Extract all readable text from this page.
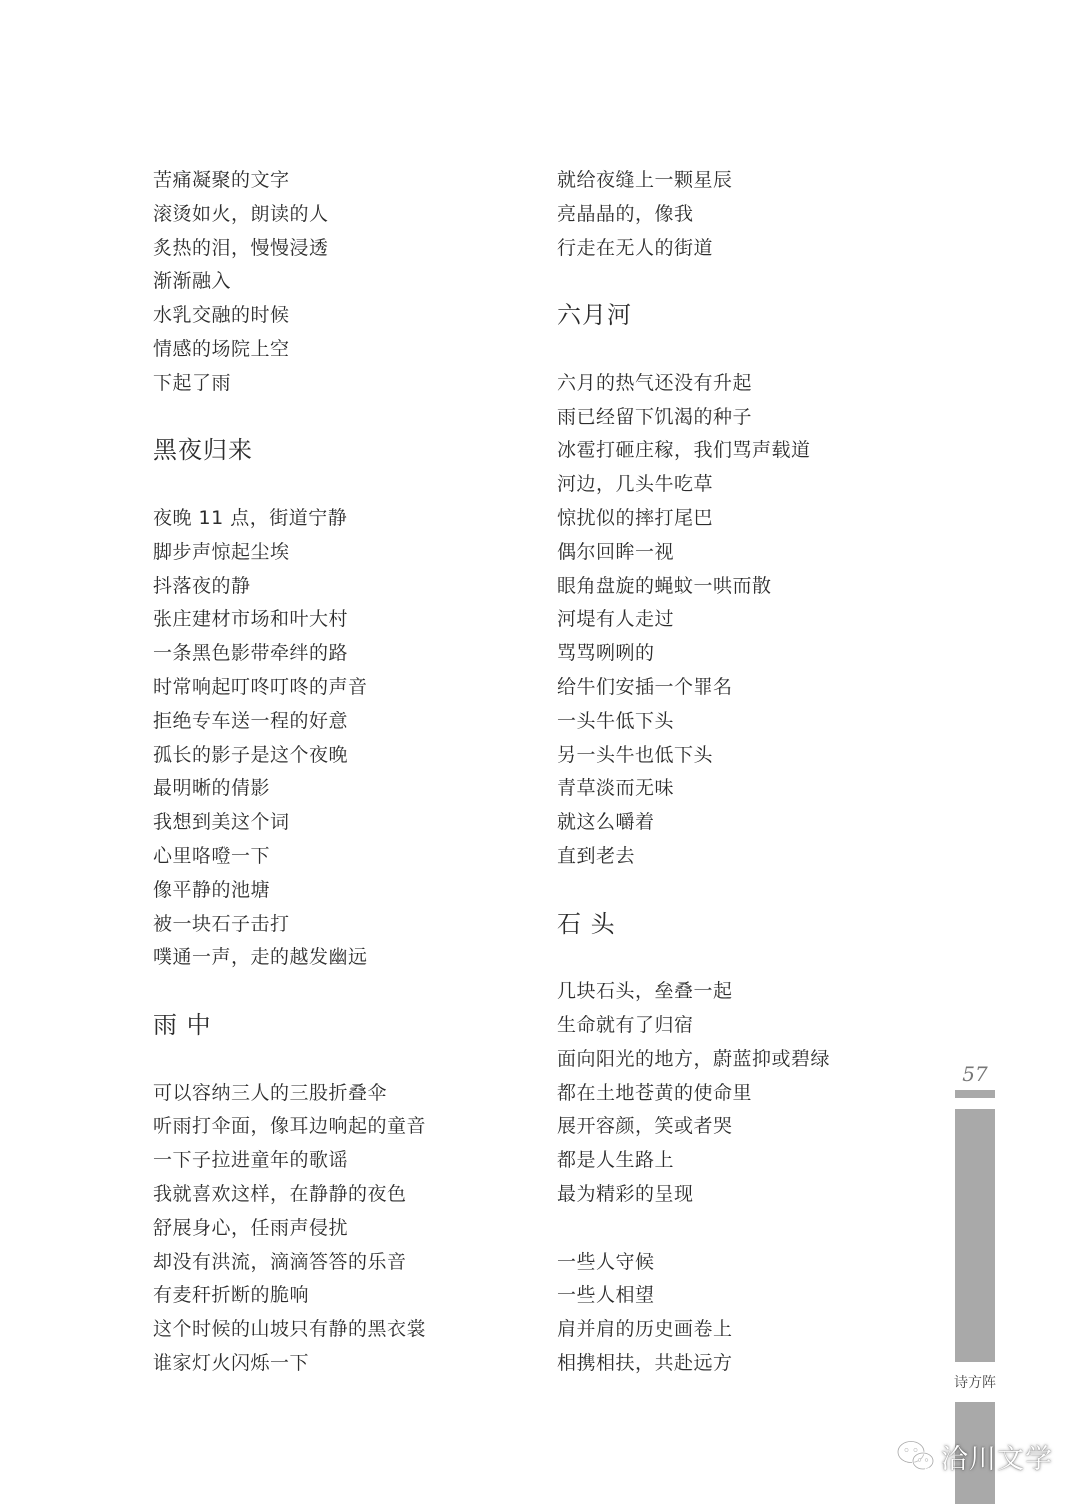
苦痛凝聚的文字
滚烫如火，朗读的人
炙热的泪，慢慢浸透
渐渐融入
水乳交融的时候
情感的场院上空
下起了雨
黑夜归来
夜晚 11 点，街道宁静
脚步声惊起尘埃
抖落夜的静
张庄建材市场和叶大村
一条黑色影带牵绊的路
时常响起叮咚叮咚的声音
拒绝专车送一程的好意
孤长的影子是这个夜晚
最明晰的倩影
我想到美这个词
心里咯噔一下
像平静的池塘
被一块石子击打
噗通一声，走的越发幽远
雨 中
可以容纳三人的三股折叠伞
听雨打伞面，像耳边响起的童音
一下子拉进童年的歌谣
我就喜欢这样，在静静的夜色
舒展身心，任雨声侵扰
却没有洪流，滴滴答答的乐音
有麦秆折断的脆响
这个时候的山坡只有静的黑衣裳
谁家灯火闪烁一下
就给夜缝上一颗星辰
亮晶晶的，像我
行走在无人的街道
六月河
六月的热气还没有升起
雨已经留下饥渴的种子
冰雹打砸庄稼，我们骂声载道
河边，几头牛吃草
惊扰似的摔打尾巴
偶尔回眸一视
眼角盘旋的蝇蚊一哄而散
河堤有人走过
骂骂咧咧的
给牛们安插一个罪名
一头牛低下头
另一头牛也低下头
青草淡而无味
就这么嚼着
直到老去
石 头
几块石头，垒叠一起
生命就有了归宿
面向阳光的地方，蔚蓝抑或碧绿
都在土地苍黄的使命里
展开容颜，笑或者哭
都是人生路上
最为精彩的呈现
一些人守候
一些人相望
肩并肩的历史画卷上
相携相扶，共赴远方
57
诗方阵
洽川文学
